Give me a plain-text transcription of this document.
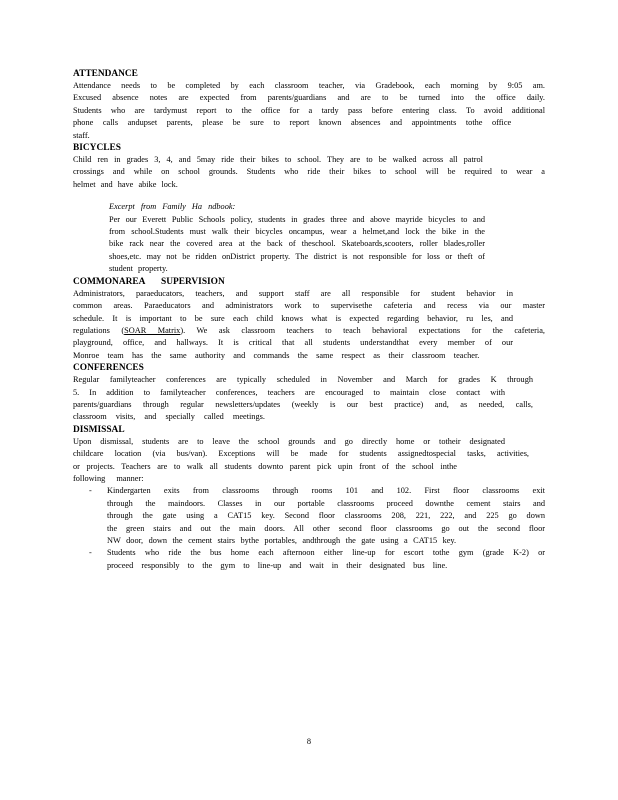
ATTENDANCE
Attendance needs to be completed by each classroom teacher, via Gradebook, each morning by 9:05 am.
Excused absence notes are expected from parents/guardians and are to be turned into the office daily.
Students who are tardymust report to the office for a tardy pass before entering class. To avoid additional
phone calls andupset parents, please be sure to report known absences and appointments tothe office
staff.
BICYCLES
Child ren in grades 3, 4, and 5may ride their bikes to school. They are to be walked across all patrol
crossings and while on school grounds. Students who ride their bikes to school will be required to wear a
helmet and have abike lock.
Excerpt from Family Ha ndbook:
Per our Everett Public Schools policy, students in grades three and above mayride bicycles to and
from school.Students must walk their bicycles oncampus, wear a helmet,and lock the bike in the
bike rack near the covered area at the back of theschool. Skateboards,scooters, roller blades,roller
shoes,etc. may not be ridden onDistrict property. The district is not responsible for loss or theft of
student property.
COMMONAREA	SUPERVISION
Administrators, paraeducators, teachers, and support staff are all responsible for student behavior in
common areas. Paraeducators and administrators work to supervisethe cafeteria and recess via our master
schedule. It is important to be sure each child knows what is expected regarding behavior, ru les, and
regulations (SOAR Matrix). We ask classroom teachers to teach behavioral expectations for the cafeteria,
playground, office, and hallways. It is critical that all students understandthat every member of our
Monroe team has the same authority and commands the same respect as their classroom teacher.
CONFERENCES
Regular familyteacher conferences are typically scheduled in November and March for grades K through
5. In addition to familyteacher conferences, teachers are encouraged to maintain close contact with
parents/guardians through regular newsletters/updates (weekly is our best practice) and, as needed, calls,
classroom visits, and specially called meetings.
DISMISSAL
Upon dismissal, students are to leave the school grounds and go directly home or totheir designated
childcare location (via bus/van). Exceptions will be made for students assignedtospecial tasks, activities,
or projects. Teachers are to walk all students downto parent pick upin front of the school inthe
following manner:
-	Kindergarten exits from classrooms through rooms 101 and 102. First floor classrooms exit
through the maindoors. Classes in our portable classrooms proceed downthe cement stairs and
through the gate using a CAT15 key. Second floor classrooms 208, 221, 222, and 225 go down
the green stairs and out the main doors. All other second floor classrooms go out the second floor
NW door, down the cement stairs bythe portables, andthrough the gate using a CAT15 key.
-	Students who ride the bus home each afternoon either line-up for escort tothe gym (grade K-2) or
proceed responsibly to the gym to line-up and wait in their designated bus line.
8
